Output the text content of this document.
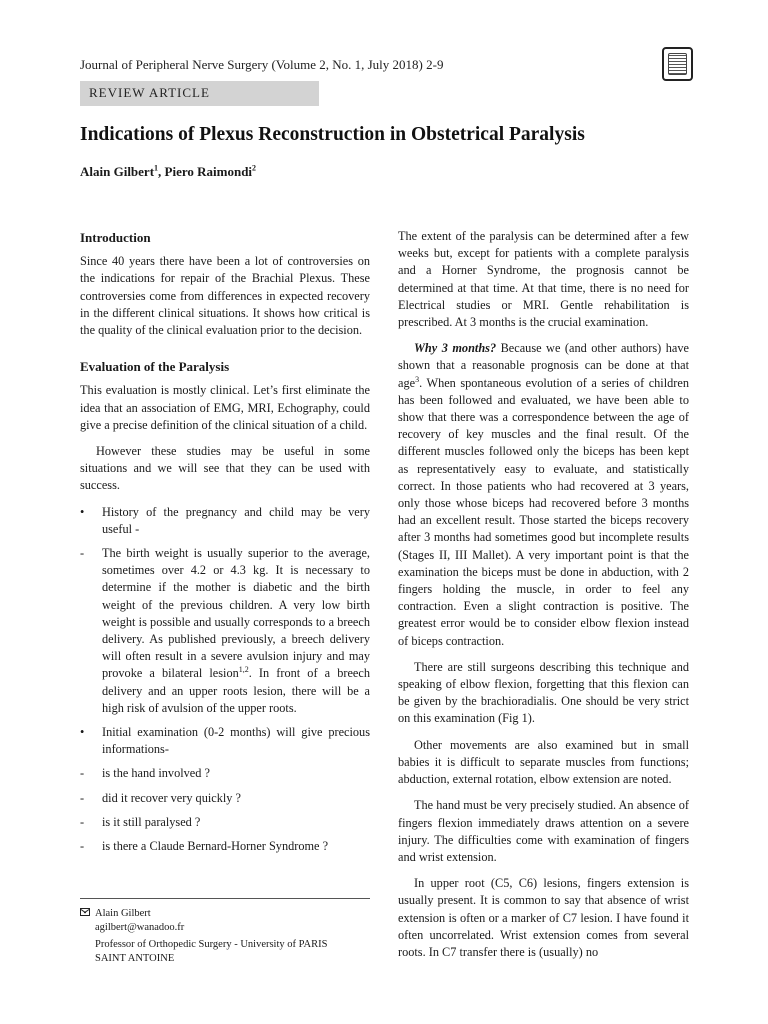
Journal of Peripheral Nerve Surgery (Volume 2, No. 1, July 2018) 2-9
REVIEW ARTICLE
Indications of Plexus Reconstruction in Obstetrical Paralysis
Alain Gilbert$^1$, Piero Raimondi$^2$
Introduction

Since 40 years there have been a lot of controversies on the indications for repair of the Brachial Plexus. These controversies come from differences in expected recovery in the different clinical situations. It shows how critical is the quality of the clinical evaluation prior to the decision.

Evaluation of the Paralysis

This evaluation is mostly clinical. Let’s first eliminate the idea that an association of EMG, MRI, Echography, could give a precise definition of the clinical situation of a child.

However these studies may be useful in some situations and we will see that they can be used with success.

• History of the pregnancy and child may be very useful -
- The birth weight is usually superior to the average, sometimes over 4.2 or 4.3 kg. It is necessary to determine if the mother is diabetic and the birth weight of the previous children. A very low birth weight is possible and usually corresponds to a breech delivery. As published previously, a breech delivery will often result in a severe avulsion injury and may provoke a bilateral lesion$^{1,2}$. In front of a breech delivery and an upper roots lesion, there will be a high risk of avulsion of the upper roots.
• Initial examination (0-2 months) will give precious informations-
- is the hand involved ?
- did it recover very quickly ?
- is it still paralysed ?
- is there a Claude Bernard-Horner Syndrome ?
Alain Gilbert
agilbert@wanadoo.fr
Professor of Orthopedic Surgery - University of PARIS
SAINT ANTOINE

The extent of the paralysis can be determined after a few weeks but, except for patients with a complete paralysis and a Horner Syndrome, the prognosis cannot be determined at that time. At that time, there is no need for Electrical studies or MRI. Gentle rehabilitation is prescribed. At 3 months is the crucial examination.

Why 3 months? Because we (and other authors) have shown that a reasonable prognosis can be done at that age$^3$. When spontaneous evolution of a series of children has been followed and evaluated, we have been able to show that there was a correspondence between the age of recovery of key muscles and the final result. Of the different muscles followed only the biceps has been kept as representatively easy to evaluate, and statistically correct. In those patients who had recovered at 3 years, only those whose biceps had recovered before 3 months had an excellent result. Those started the biceps recovery after 3 months had sometimes good but incomplete results (Stages II, III Mallet). A very important point is that the examination the biceps must be done in abduction, with 2 fingers holding the muscle, in order to feel any contraction. Even a slight contraction is positive. The greatest error would be to consider elbow flexion instead of biceps contraction.

There are still surgeons describing this technique and speaking of elbow flexion, forgetting that this flexion can be given by the brachioradialis. One should be very strict on this examination (Fig 1).

Other movements are also examined but in small babies it is difficult to separate muscles from functions; abduction, external rotation, elbow extension are noted.

The hand must be very precisely studied. An absence of fingers flexion immediately draws attention on a severe injury. The difficulties come with examination of fingers and wrist extension.

In upper root (C5, C6) lesions, fingers extension is usually present. It is common to say that absence of wrist extension is often or a marker of C7 lesion. I have found it often uncorrelated. Wrist extension comes from several roots. In C7 transfer there is (usually) no
